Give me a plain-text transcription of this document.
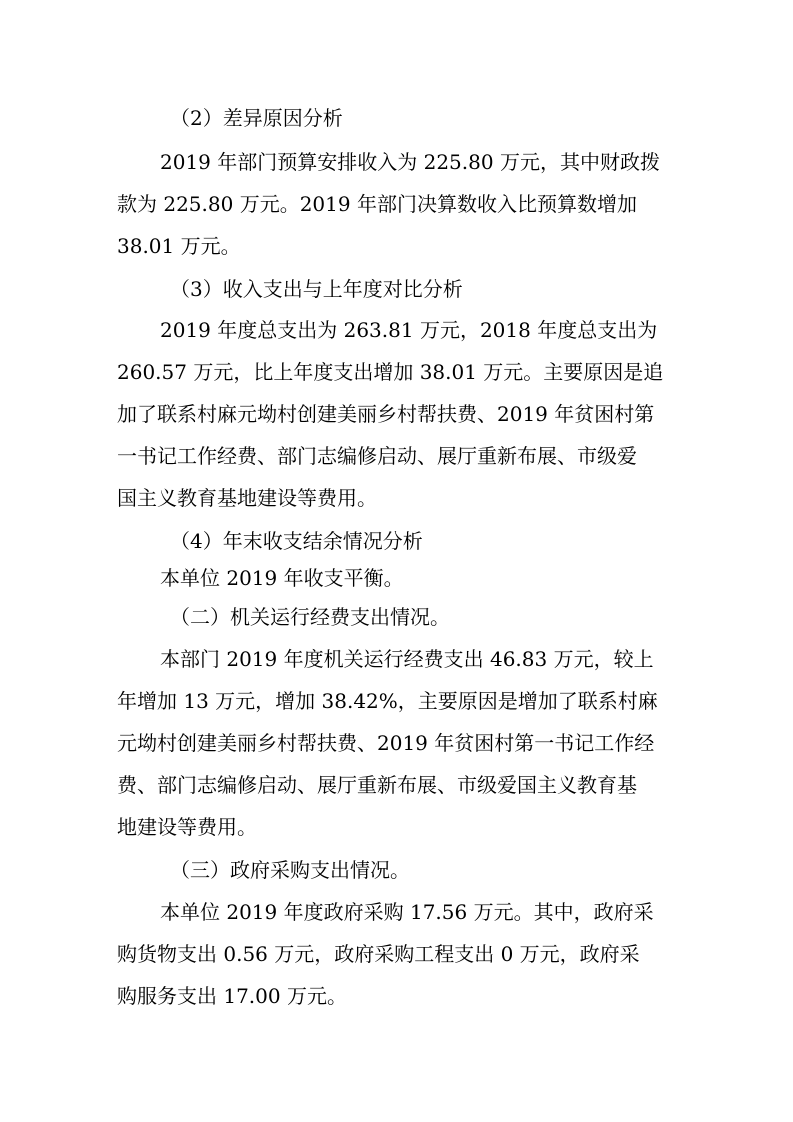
（2）差异原因分析
2019 年部门预算安排收入为 225.80 万元，其中财政拨
款为 225.80 万元。2019 年部门决算数收入比预算数增加
38.01 万元。
（3）收入支出与上年度对比分析
2019 年度总支出为 263.81 万元，2018 年度总支出为
260.57 万元，比上年度支出增加 38.01 万元。主要原因是追
加了联系村麻元坳村创建美丽乡村帮扶费、2019 年贫困村第
一书记工作经费、部门志编修启动、展厅重新布展、市级爱
国主义教育基地建设等费用。
（4）年末收支结余情况分析
本单位 2019 年收支平衡。
（二）机关运行经费支出情况。
本部门 2019 年度机关运行经费支出 46.83 万元，较上
年增加 13 万元，增加 38.42%，主要原因是增加了联系村麻
元坳村创建美丽乡村帮扶费、2019 年贫困村第一书记工作经
费、部门志编修启动、展厅重新布展、市级爱国主义教育基
地建设等费用。
（三）政府采购支出情况。
本单位 2019 年度政府采购 17.56 万元。其中，政府采
购货物支出 0.56 万元，政府采购工程支出 0 万元，政府采
购服务支出 17.00 万元。
